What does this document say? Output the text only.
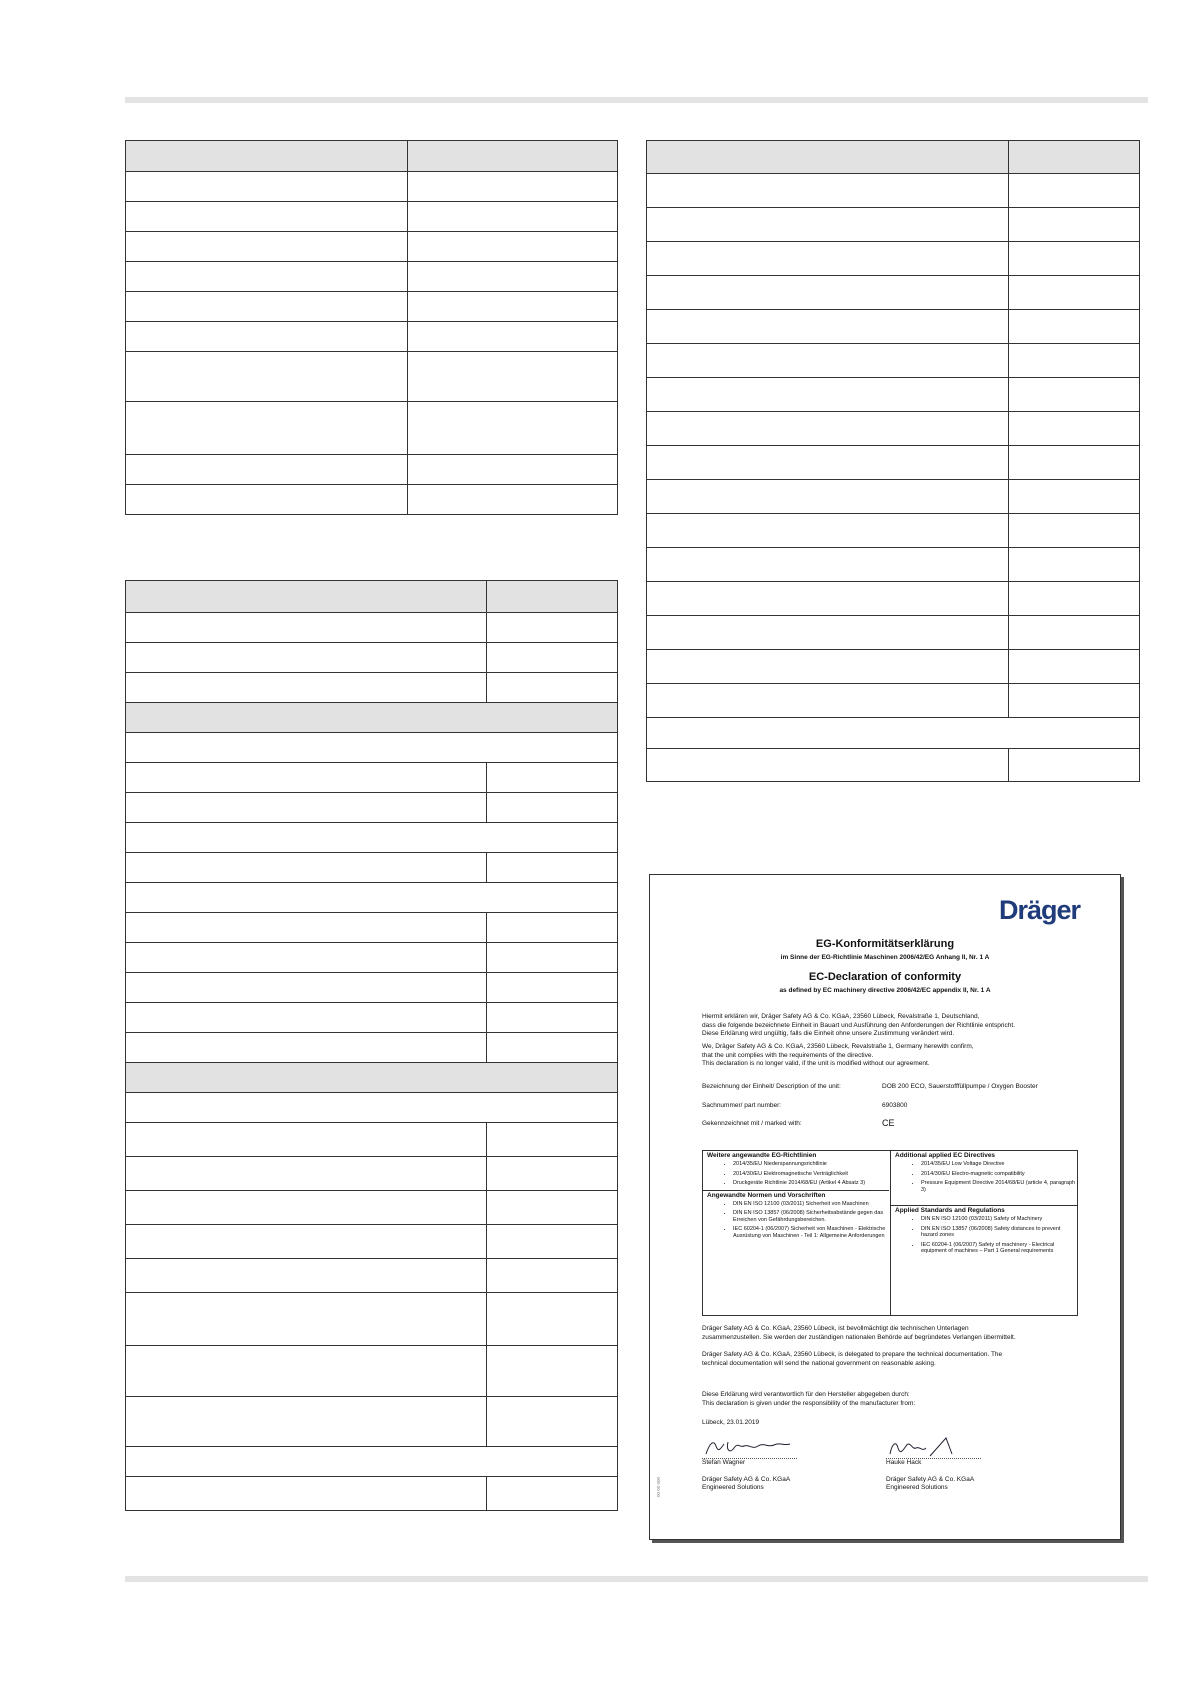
Dräger
EG-Konformitätserklärung
im Sinne der EG-Richtlinie Maschinen 2006/42/EG Anhang II, Nr. 1 A
EC-Declaration of conformity
as defined by EC machinery directive 2006/42/EC appendix II, Nr. 1 A

Hiermit erklären wir, Dräger Safety AG & Co. KGaA, 23560 Lübeck, Revalstraße 1, Deutschland,

dass die folgende bezeichnete Einheit in Bauart und Ausführung den Anforderungen der Richtlinie entspricht.

Diese Erklärung wird ungültig, falls die Einheit ohne unsere Zustimmung verändert wird.

We, Dräger Safety AG & Co. KGaA, 23560 Lübeck, Revalstraße 1, Germany herewith confirm,

that the unit complies with the requirements of the directive.

This declaration is no longer valid, if the unit is modified without our agreement.

Bezeichnung der Einheit/ Description of the unit:	DOB 200 ECO, Sauerstofffüllpumpe / Oxygen Booster
Sachnummer/ part number:	6903800
Gekennzeichnet mit / marked with:	CE
Weitere angewandte EG-Richtlinien
• 2014/35/EU Niederspannungsrichtlinie
• 2014/30/EU Elektromagnetische Verträglichkeit
• Druckgeräte Richtlinie 2014/68/EU (Artikel 4 Absatz 3)
Angewandte Normen und Vorschriften
• DIN EN ISO 12100 (03/2011) Sicherheit von Maschinen
• DIN EN ISO 13857 (06/2008) Sicherheitsabstände gegen das Erreichen von Gefährdungsbereichen.
• IEC 60204-1 (06/2007) Sicherheit von Maschinen - Elektrische Ausrüstung von Maschinen - Teil 1: Allgemeine Anforderungen
Additional applied EC Directives
• 2014/35/EU Low Voltage Directive
• 2014/30/EU Electro-magnetic compatibility
• Pressure Equipment Directive 2014/68/EU (article 4, paragraph 3)
Applied Standards and Regulations
• DIN EN ISO 12100 (03/2011) Safety of Machinery
• DIN EN ISO 13857 (06/2008) Safety distances to prevent hazard zones
• IEC 60204-1 (06/2007) Safety of machinery - Electrical equipment of machines – Part 1 General requirements

Dräger Safety AG & Co. KGaA, 23560 Lübeck, ist bevollmächtigt die technischen Unterlagen

zusammenzustellen. Sie werden der zuständigen nationalen Behörde auf begründetes Verlangen übermittelt.

Dräger Safety AG & Co. KGaA, 23560 Lübeck, is delegated to prepare the technical documentation. The

technical documentation will send the national government on reasonable asking.

Diese Erklärung wird verantwortlich für den Hersteller abgegeben durch:

This declaration is given under the responsibility of the manufacturer from:

Lübeck, 23.01.2019
Stefan Wagner
Dräger Safety AG & Co. KGaA
Engineered Solutions
Hauke Hack
Dräger Safety AG & Co. KGaA
Engineered Solutions
00 00 000
